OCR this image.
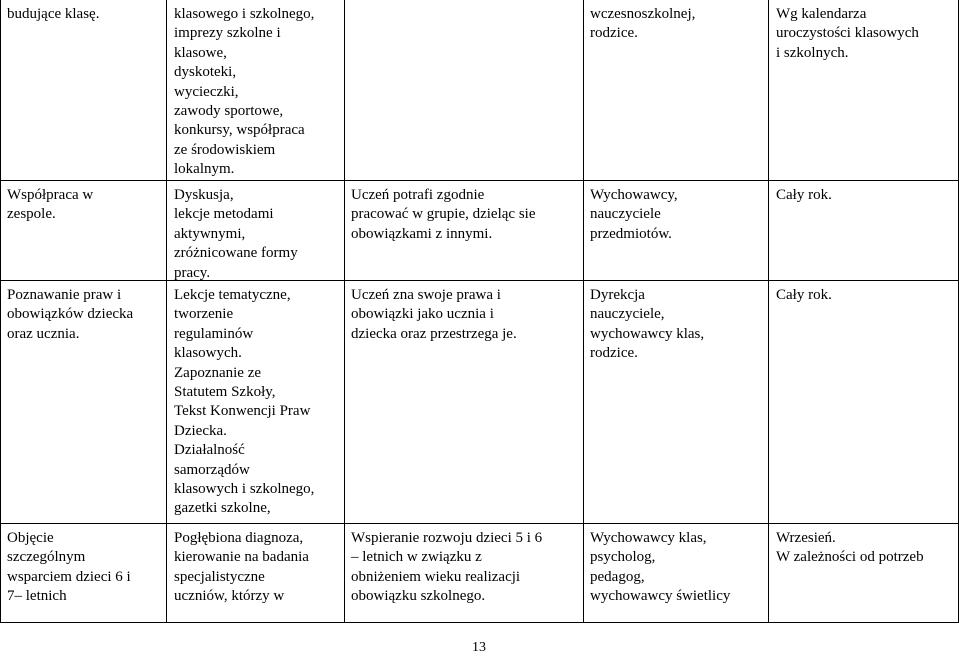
budujące klasę.	klasowego i szkolnego,
imprezy szkolne i
klasowe,
dyskoteki,
wycieczki,
zawody sportowe,
konkursy, współpraca
ze środowiskiem
lokalnym.
wczesnoszkolnej,
rodzice.
Wg kalendarza
uroczystości klasowych
i szkolnych.
Współpraca w
zespole.
Dyskusja,
lekcje metodami
aktywnymi,
zróżnicowane formy
pracy.
Uczeń potrafi zgodnie
pracować w grupie, dzieląc sie
obowiązkami z innymi.
Wychowawcy,
nauczyciele
przedmiotów.
Cały rok.
Poznawanie praw i
obowiązków dziecka
oraz ucznia.
Lekcje tematyczne,
tworzenie
regulaminów
klasowych.
Zapoznanie ze
Statutem Szkoły,
Tekst Konwencji Praw
Dziecka.
Działalność
samorządów
klasowych i szkolnego,
gazetki szkolne,
Uczeń zna swoje prawa i
obowiązki jako ucznia i
dziecka oraz przestrzega je.
Dyrekcja
nauczyciele,
wychowawcy klas,
rodzice.
Cały rok.
Objęcie
szczególnym
wsparciem dzieci 6 i
7– letnich
Pogłębiona diagnoza,
kierowanie na badania
specjalistyczne
uczniów, którzy w
Wspieranie rozwoju dzieci 5 i 6
– letnich w związku z
obniżeniem wieku realizacji
obowiązku szkolnego.
Wychowawcy klas,
psycholog,
pedagog,
wychowawcy świetlicy
Wrzesień.
W zależności od potrzeb
13
